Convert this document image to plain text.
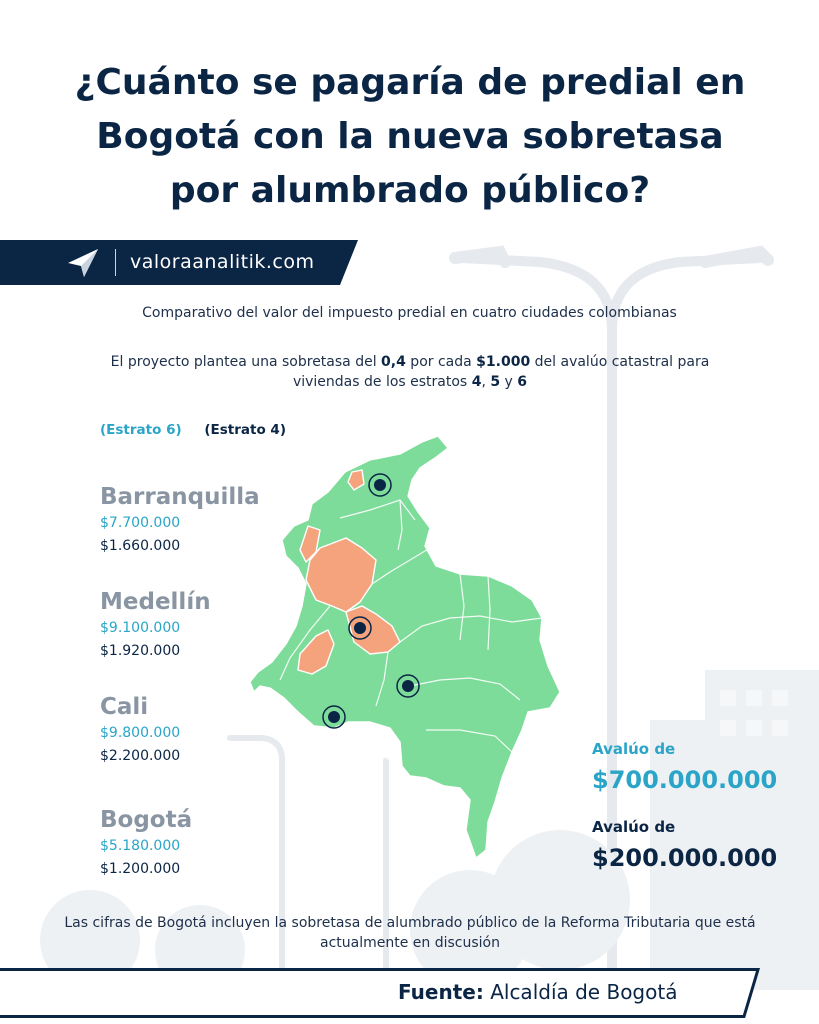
¿Cuánto se pagaría de predial en Bogotá con la nueva sobretasa por alumbrado público?
valoraanalitik.com

Comparativo del valor del impuesto predial en cuatro ciudades colombianas

El proyecto plantea una sobretasa del 0,4 por cada $1.000 del avalúo catastral para viviendas de los estratos 4, 5 y 6

(Estrato 6) (Estrato 4)
Barranquilla
$7.700.000
$1.660.000
Medellín
$9.100.000
$1.920.000
Cali
$9.800.000
$2.200.000
Bogotá
$5.180.000
$1.200.000
Avalúo de
$700.000.000
Avalúo de
$200.000.000

Las cifras de Bogotá incluyen la sobretasa de alumbrado público de la Reforma Tributaria que está actualmente en discusión

Fuente: Alcaldía de Bogotá
